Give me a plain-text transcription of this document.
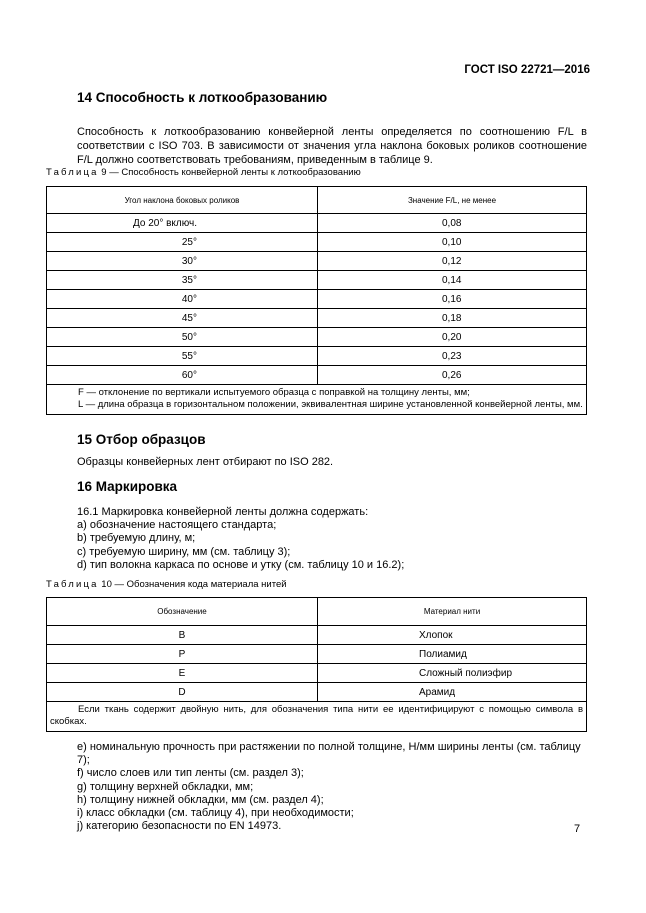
ГОСТ ISO 22721—2016
14 Способность к лоткообразованию
Способность к лоткообразованию конвейерной ленты определяется по соотношению F/L в соответствии с ISO 703. В зависимости от значения угла наклона боковых роликов соотношение F/L должно соответствовать требованиям, приведенным в таблице 9.
Таблица 9 — Способность конвейерной ленты к лоткообразованию
Угол наклона боковых роликов	Значение F/L, не менее
До 20° включ.	0,08
25°	0,10
30°	0,12
35°	0,14
40°	0,16
45°	0,18
50°	0,20
55°	0,23
60°	0,26

F — отклонение по вертикали испытуемого образца с поправкой на толщину ленты, мм;
L — длина образца в горизонтальном положении, эквивалентная ширине установленной конвейерной ленты, мм.	
15 Отбор образцов
Образцы конвейерных лент отбирают по ISO 282.
16 Маркировка
16.1 Маркировка конвейерной ленты должна содержать:
a) обозначение настоящего стандарта;
b) требуемую длину, м;
c) требуемую ширину, мм (см. таблицу 3);
d) тип волокна каркаса по основе и утку (см. таблицу 10 и 16.2);
Таблица 10 — Обозначения кода материала нитей
Обозначение	Материал нити
B	Хлопок
P	Полиамид
E	Сложный полиэфир
D	Арамид
Если ткань содержит двойную нить, для обозначения типа нити ее идентифицируют с помощью символа в скобках.	
e) номинальную прочность при растяжении по полной толщине, Н/мм ширины ленты (см. таблицу 7);
f) число слоев или тип ленты (см. раздел 3);
g) толщину верхней обкладки, мм;
h) толщину нижней обкладки, мм (см. раздел 4);
i) класс обкладки (см. таблицу 4), при необходимости;
j) категорию безопасности по EN 14973.	7
